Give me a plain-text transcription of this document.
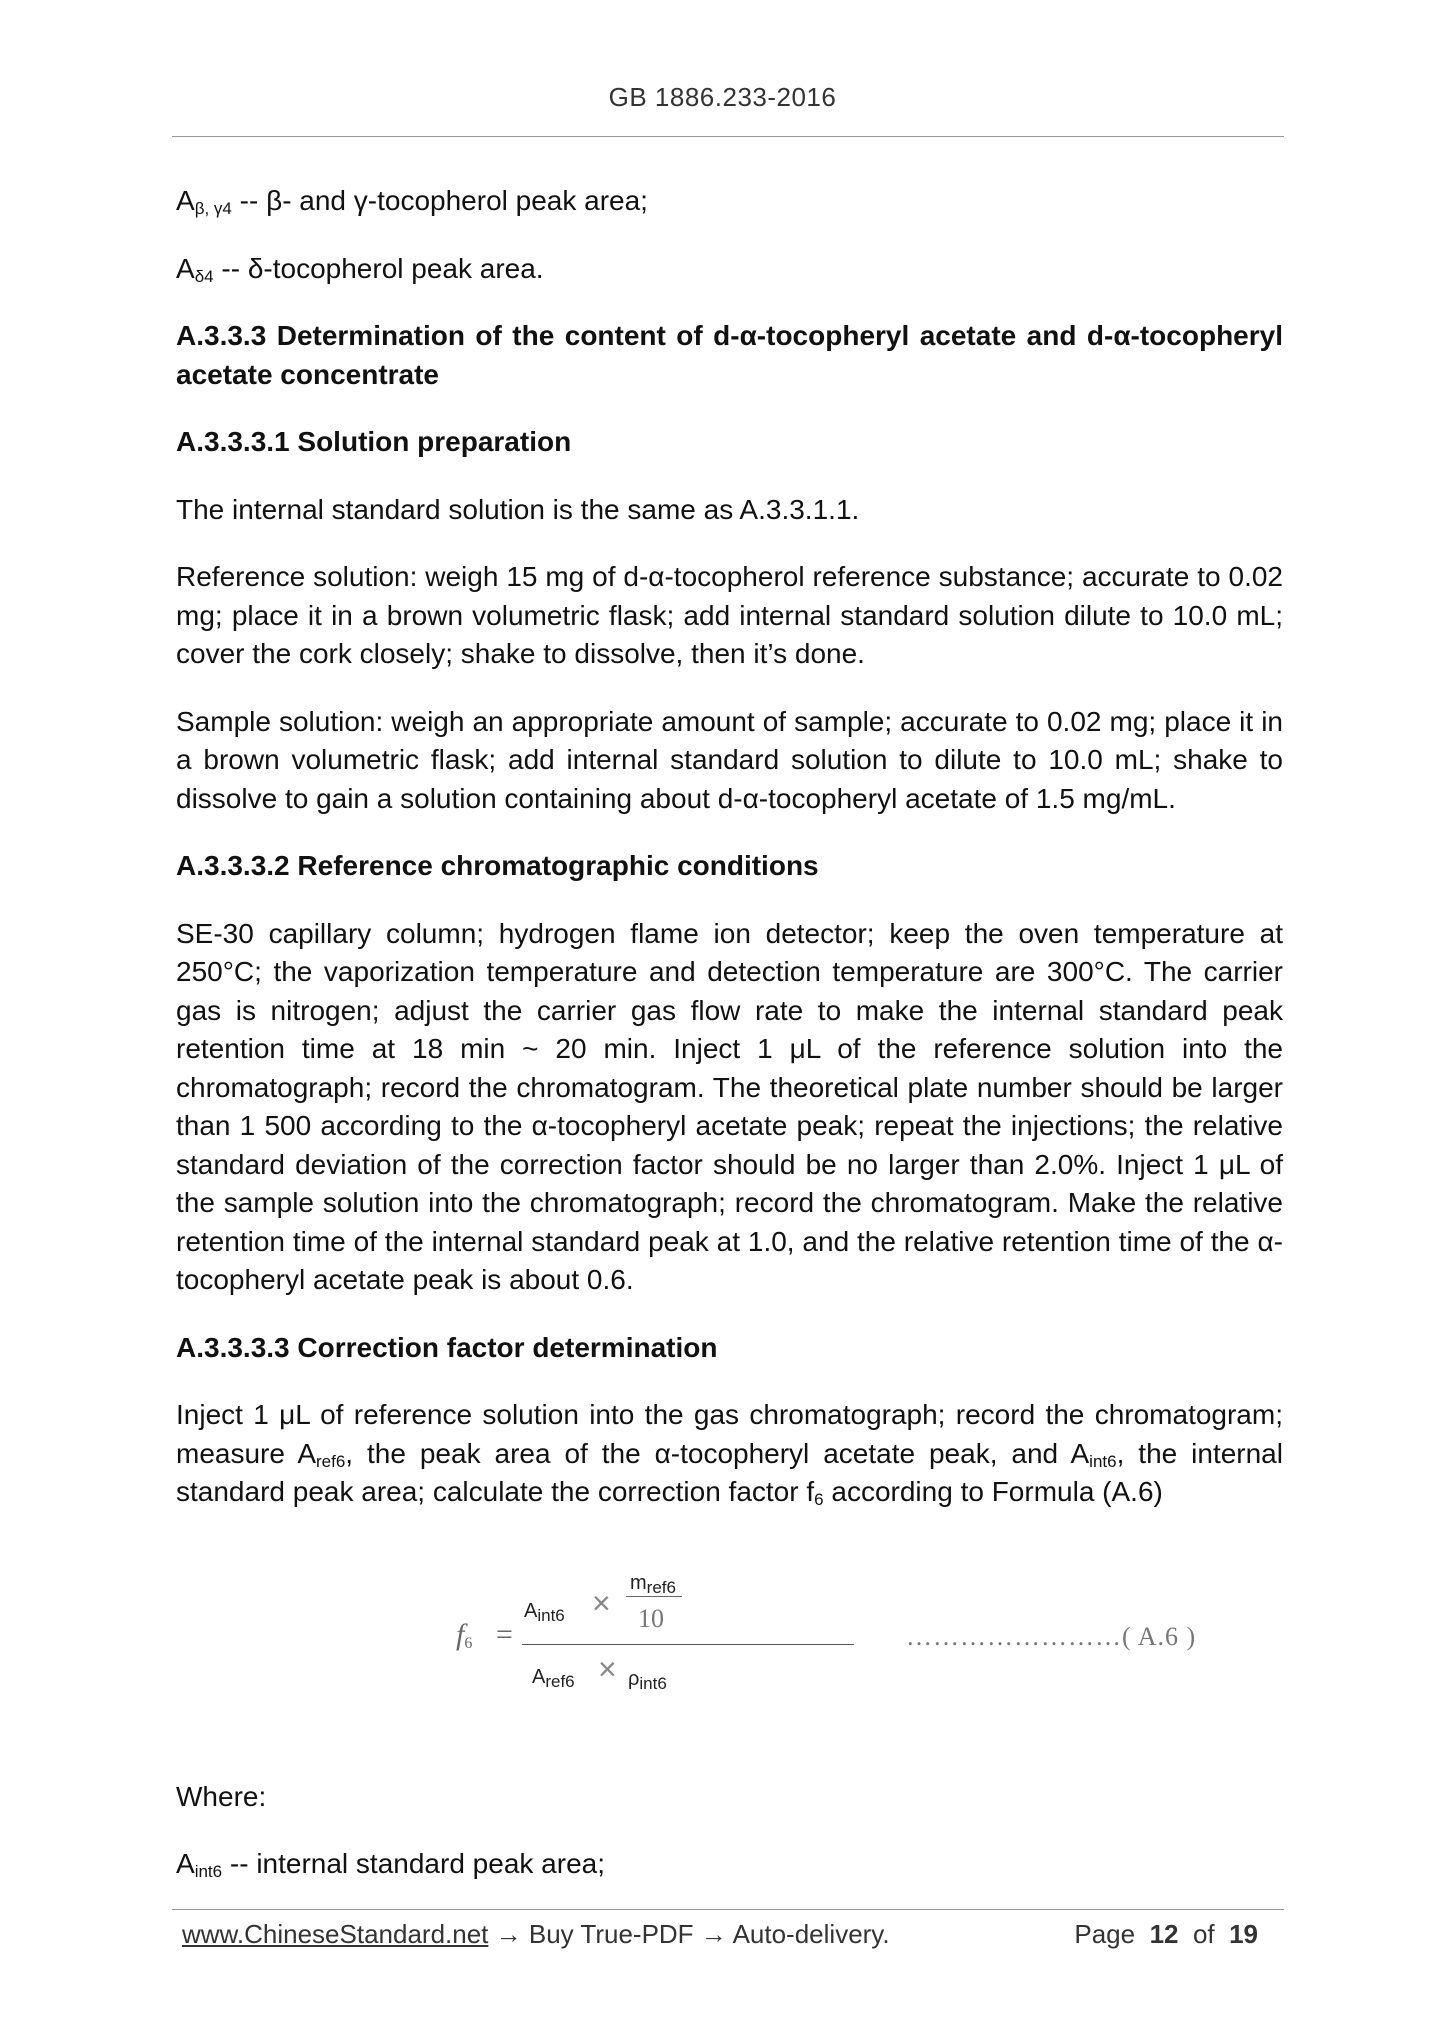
GB 1886.233-2016

$A_{\beta, \gamma 4} -- \beta-$ and γ-tocopherol peak area;

$A_{\delta 4}$ -- δ-tocopherol peak area.

A.3.3.3 Determination of the content of d-α-tocopheryl acetate and d-α-tocopheryl acetate concentrate

A.3.3.3.1 Solution preparation

The internal standard solution is the same as A.3.3.1.1.

Reference solution: weigh 15 mg of d-α-tocopherol reference substance; accurate to 0.02 mg; place it in a brown volumetric flask; add internal standard solution dilute to 10.0 mL; cover the cork closely; shake to dissolve, then it’s done.

Sample solution: weigh an appropriate amount of sample; accurate to 0.02 mg; place it in a brown volumetric flask; add internal standard solution to dilute to 10.0 mL; shake to dissolve to gain a solution containing about d-α-tocopheryl acetate of 1.5 mg/mL.

A.3.3.3.2 Reference chromatographic conditions

SE-30 capillary column; hydrogen flame ion detector; keep the oven temperature at 250°C; the vaporization temperature and detection temperature are 300°C. The carrier gas is nitrogen; adjust the carrier gas flow rate to make the internal standard peak retention time at 18 min ~ 20 min. Inject 1 μL of the reference solution into the chromatograph; record the chromatogram. The theoretical plate number should be larger than 1 500 according to the α-tocopheryl acetate peak; repeat the injections; the relative standard deviation of the correction factor should be no larger than 2.0%. Inject 1 μL of the sample solution into the chromatograph; record the chromatogram. Make the relative retention time of the internal standard peak at 1.0, and the relative retention time of the α-tocopheryl acetate peak is about 0.6.

A.3.3.3.3 Correction factor determination

Inject 1 μL of reference solution into the gas chromatograph; record the chromatogram; measure $A_{ref6}$, the peak area of the α-tocopheryl acetate peak, and $A_{int6}$, the internal standard peak area; calculate the correction factor $f_6$ according to Formula (A.6)

$f_6$ =
$A_{int6}$ ×
$m_{ref6}$
10
$A_{ref6} \times \rho_{int6}$
……………………( A.6 )

Where:

$A_{int6}$ -- internal standard peak area;

www.ChineseStandard.net → Buy True-PDF → Auto-delivery.	Page 12 of 19
